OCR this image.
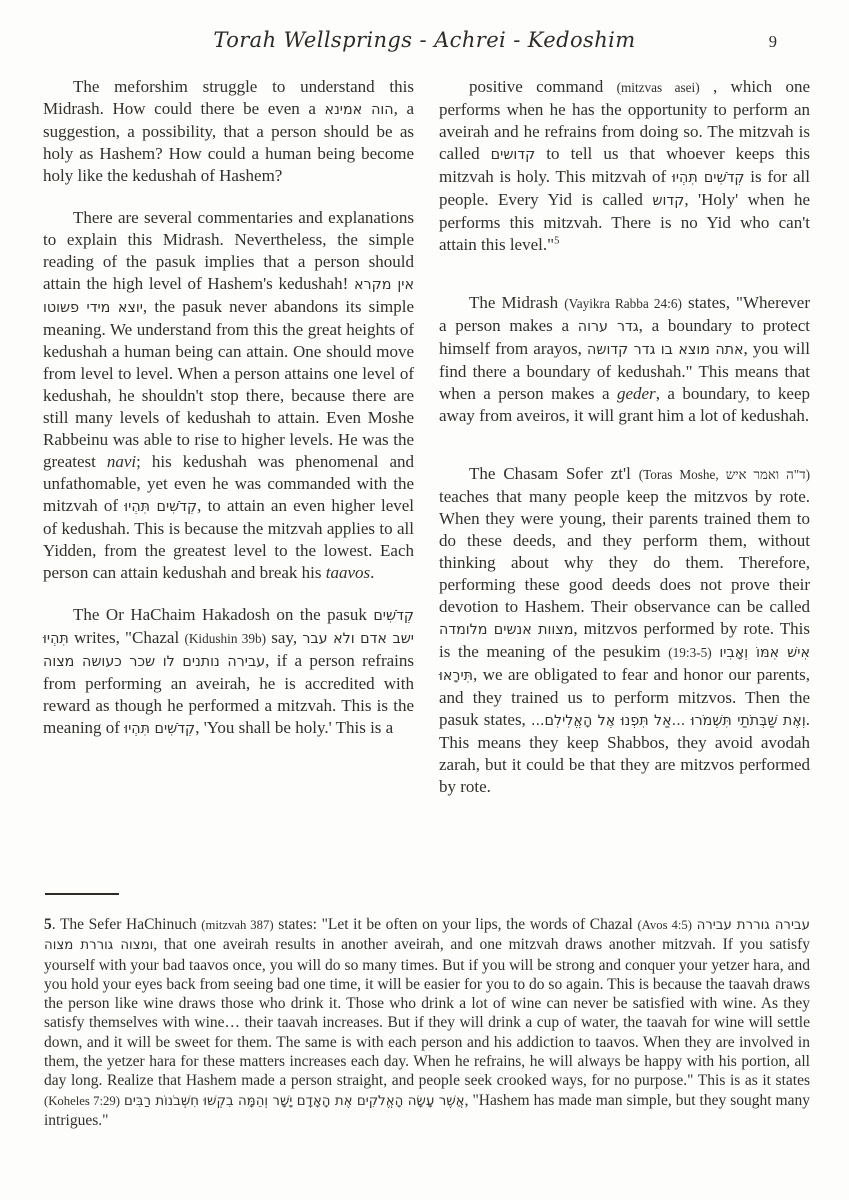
Torah Wellsprings - Achrei - Kedoshim	9

The meforshim struggle to understand this Midrash. How could there be even a הוה אמינא, a suggestion, a possibility, that a person should be as holy as Hashem? How could a human being become holy like the kedushah of Hashem?

There are several commentaries and explanations to explain this Midrash. Nevertheless, the simple reading of the pasuk implies that a person should attain the high level of Hashem's kedushah! אין מקרא יוצא מידי פשוטו, the pasuk never abandons its simple meaning. We understand from this the great heights of kedushah a human being can attain. One should move from level to level. When a person attains one level of kedushah, he shouldn't stop there, because there are still many levels of kedushah to attain. Even Moshe Rabbeinu was able to rise to higher levels. He was the greatest navi; his kedushah was phenomenal and unfathomable, yet even he was commanded with the mitzvah of קְדֹשִׁים תִּהְיוּ, to attain an even higher level of kedushah. This is because the mitzvah applies to all Yidden, from the greatest level to the lowest. Each person can attain kedushah and break his taavos.

The Or HaChaim Hakadosh on the pasuk קְדֹשִׁים תִּהְיוּ writes, "Chazal (Kidushin 39b) say, ישב אדם ולא עבר עבירה נותנים לו שכר כעושה מצוה, if a person refrains from performing an aveirah, he is accredited with reward as though he performed a mitzvah. This is the meaning of קְדֹשִׁים תִּהְיוּ, 'You shall be holy.' This is a

positive command (mitzvas asei) , which one performs when he has the opportunity to perform an aveirah and he refrains from doing so. The mitzvah is called קדושים to tell us that whoever keeps this mitzvah is holy. This mitzvah of קְדֹשִׁים תִּהְיוּ is for all people. Every Yid is called קדוש, 'Holy' when he performs this mitzvah. There is no Yid who can't attain this level."$^5$

The Midrash (Vayikra Rabba 24:6) states, "Wherever a person makes a גדר ערוה, a boundary to protect himself from arayos, אתה מוצא בו גדר קדושה, you will find there a boundary of kedushah." This means that when a person makes a geder, a boundary, to keep away from aveiros, it will grant him a lot of kedushah.

The Chasam Sofer zt'l (Toras Moshe, ד"ה ואמר איש) teaches that many people keep the mitzvos by rote. When they were young, their parents trained them to do these deeds, and they perform them, without thinking about why they do them. Therefore, performing these good deeds does not prove their devotion to Hashem. Their observance can be called מצוות אנשים מלומדה, mitzvos performed by rote. This is the meaning of the pesukim (19:3-5) אִישׁ אִמּוֹ וְאָבִיו תִּירָאוּ, we are obligated to fear and honor our parents, and they trained us to perform mitzvos. Then the pasuk states, וְאֶת שַׁבְּתֹתַי תִּשְׁמֹרוּ ...אַל תִּפְנוּ אֶל הָאֱלִילִם.... This means they keep Shabbos, they avoid avodah zarah, but it could be that they are mitzvos performed by rote.

5. The Sefer HaChinuch (mitzvah 387) states: "Let it be often on your lips, the words of Chazal (Avos 4:5) עבירה גוררת עבירה ומצוה גוררת מצוה, that one aveirah results in another aveirah, and one mitzvah draws another mitzvah. If you satisfy yourself with your bad taavos once, you will do so many times. But if you will be strong and conquer your yetzer hara, and you hold your eyes back from seeing bad one time, it will be easier for you to do so again. This is because the taavah draws the person like wine draws those who drink it. Those who drink a lot of wine can never be satisfied with wine. As they satisfy themselves with wine… their taavah increases. But if they will drink a cup of water, the taavah for wine will settle down, and it will be sweet for them. The same is with each person and his addiction to taavos. When they are involved in them, the yetzer hara for these matters increases each day. When he refrains, he will always be happy with his portion, all day long. Realize that Hashem made a person straight, and people seek crooked ways, for no purpose." This is as it states (Koheles 7:29) אֲשֶׁר עָשָׂה הָאֱלֹקִים אֶת הָאָדָם יָשָׁר וְהֵמָּה בִקְשׁוּ חִשְּׁבֹנוֹת רַבִּים, "Hashem has made man simple, but they sought many intrigues."
